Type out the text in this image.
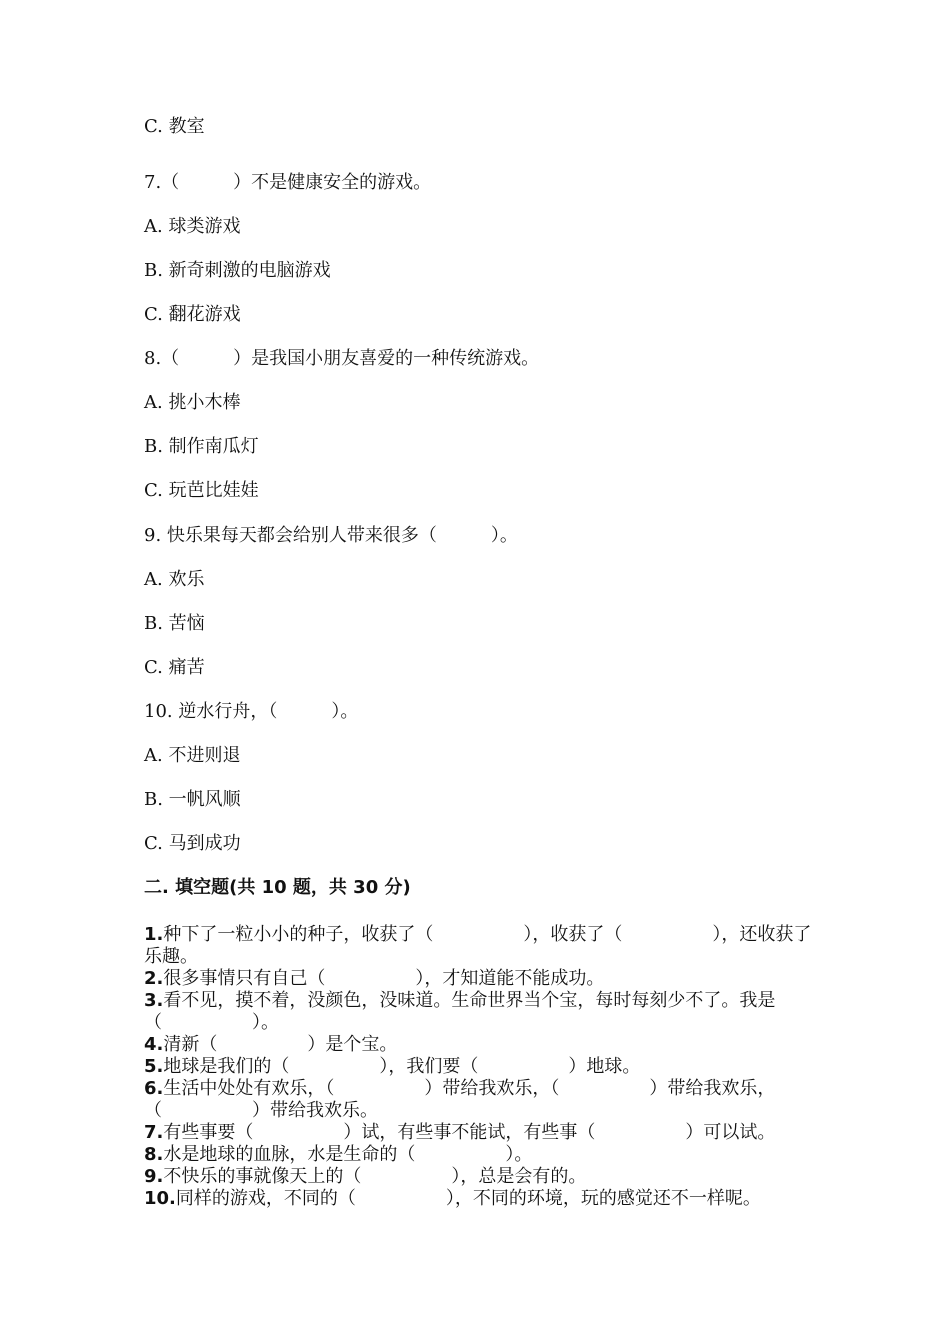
C. 教室
7.（　　　）不是健康安全的游戏。
A. 球类游戏
B. 新奇刺激的电脑游戏
C. 翻花游戏
8.（　　　）是我国小朋友喜爱的一种传统游戏。
A. 挑小木棒
B. 制作南瓜灯
C. 玩芭比娃娃
9. 快乐果每天都会给别人带来很多（　　　）。
A. 欢乐
B. 苦恼
C. 痛苦
10. 逆水行舟，（　　　）。
A. 不进则退
B. 一帆风顺
C. 马到成功
二. 填空题(共 10 题，共 30 分)

1.种下了一粒小小的种子，收获了（　　　　　），收获了（　　　　　），还收获了乐趣。

2.很多事情只有自己（　　　　　），才知道能不能成功。

3.看不见，摸不着，没颜色，没味道。生命世界当个宝，每时每刻少不了。我是（　　　　　）。

4.清新（　　　　　）是个宝。

5.地球是我们的（　　　　　），我们要（　　　　　）地球。

6.生活中处处有欢乐，（　　　　　）带给我欢乐，（　　　　　）带给我欢乐，（　　　　　）带给我欢乐。

7.有些事要（　　　　　）试，有些事不能试，有些事（　　　　　）可以试。

8.水是地球的血脉，水是生命的（　　　　　）。

9.不快乐的事就像天上的（　　　　　），总是会有的。

10.同样的游戏，不同的（　　　　　），不同的环境，玩的感觉还不一样呢。
